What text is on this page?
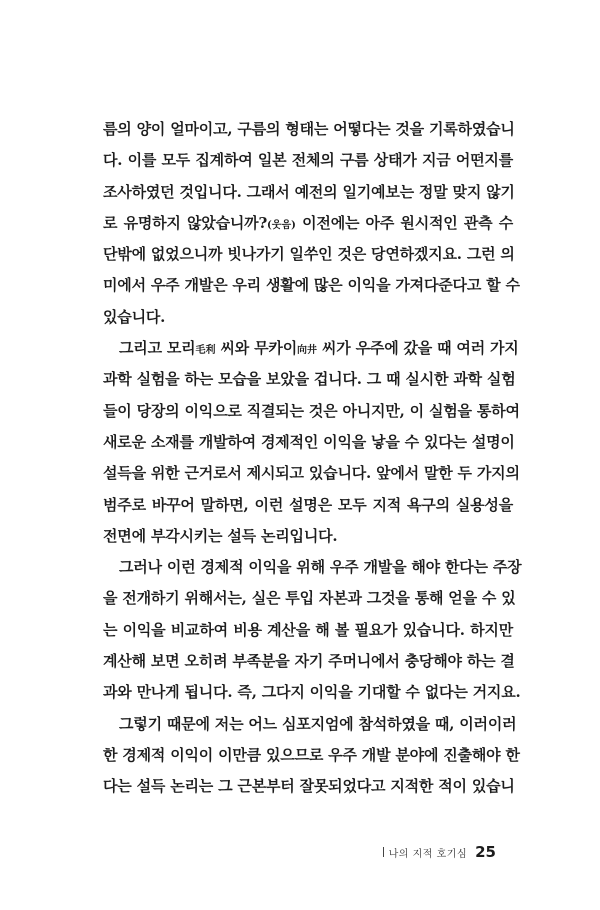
름의 양이 얼마이고, 구름의 형태는 어떻다는 것을 기록하였습니
다. 이를 모두 집계하여 일본 전체의 구름 상태가 지금 어떤지를
조사하였던 것입니다. 그래서 예전의 일기예보는 정말 맞지 않기
로 유명하지 않았습니까?(웃음) 이전에는 아주 원시적인 관측 수
단밖에 없었으니까 빗나가기 일쑤인 것은 당연하겠지요. 그런 의
미에서 우주 개발은 우리 생활에 많은 이익을 가져다준다고 할 수
있습니다.
그리고 모리毛利 씨와 무카이向井 씨가 우주에 갔을 때 여러 가지
과학 실험을 하는 모습을 보았을 겁니다. 그 때 실시한 과학 실험
들이 당장의 이익으로 직결되는 것은 아니지만, 이 실험을 통하여
새로운 소재를 개발하여 경제적인 이익을 낳을 수 있다는 설명이
설득을 위한 근거로서 제시되고 있습니다. 앞에서 말한 두 가지의
범주로 바꾸어 말하면, 이런 설명은 모두 지적 욕구의 실용성을
전면에 부각시키는 설득 논리입니다.
그러나 이런 경제적 이익을 위해 우주 개발을 해야 한다는 주장
을 전개하기 위해서는, 실은 투입 자본과 그것을 통해 얻을 수 있
는 이익을 비교하여 비용 계산을 해 볼 필요가 있습니다. 하지만
계산해 보면 오히려 부족분을 자기 주머니에서 충당해야 하는 결
과와 만나게 됩니다. 즉, 그다지 이익을 기대할 수 없다는 거지요.
그렇기 때문에 저는 어느 심포지엄에 참석하였을 때, 이러이러
한 경제적 이익이 이만큼 있으므로 우주 개발 분야에 진출해야 한
다는 설득 논리는 그 근본부터 잘못되었다고 지적한 적이 있습니
나의 지적 호기심 25
